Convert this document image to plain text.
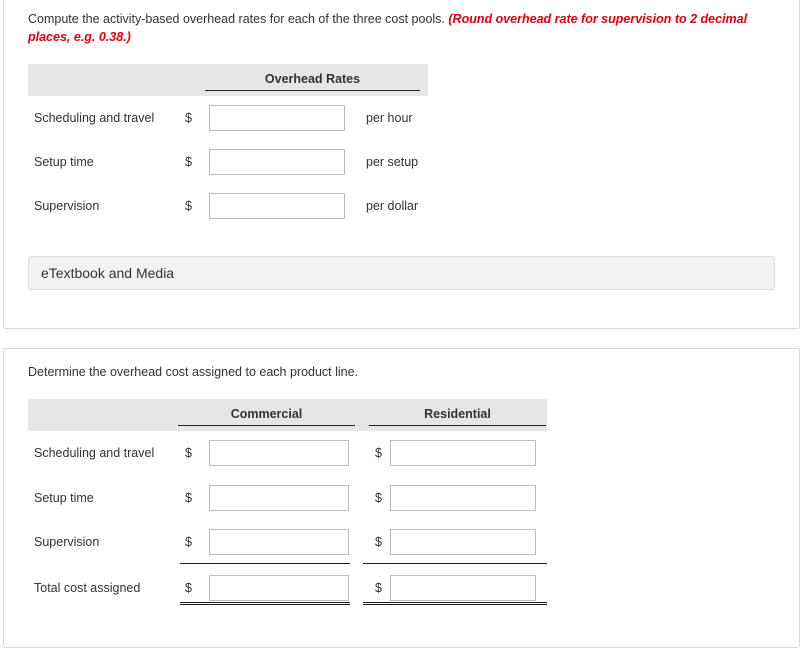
Compute the activity-based overhead rates for each of the three cost pools. (Round overhead rate for supervision to 2 decimal places, e.g. 0.38.)
Overhead Rates
Scheduling and travel $	per hour
Setup time	$	per setup
Supervision	$	per dollar
eTextbook and Media
Determine the overhead cost assigned to each product line.
Commercial	Residential
Scheduling and travel $	$
Setup time	$	$
Supervision	$	$
Total cost assigned	$	$
